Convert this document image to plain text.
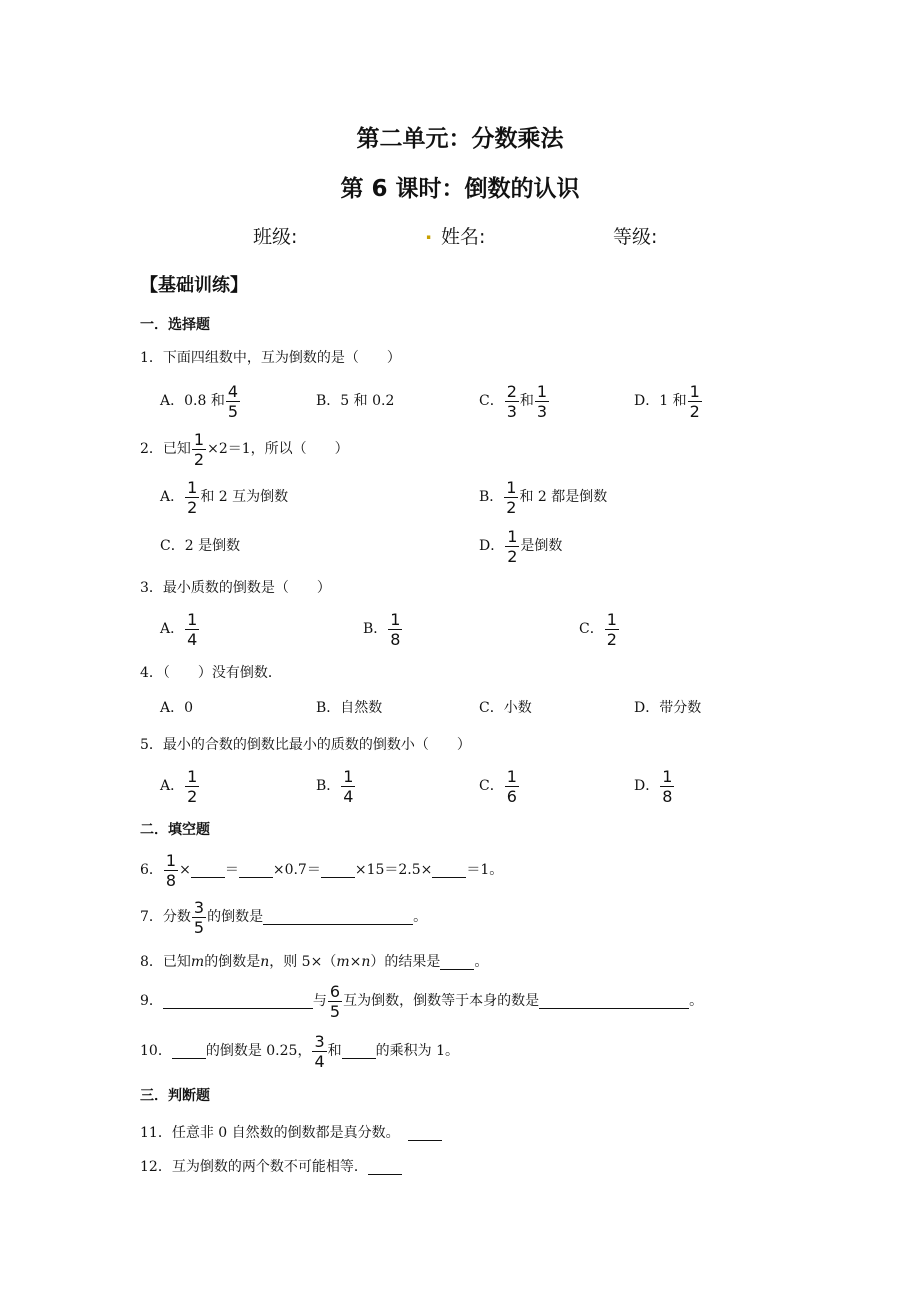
第二单元：分数乘法
第 6 课时：倒数的认识
班级:	. 姓名:	等级:
【基础训练】
一．选择题
1．下面四组数中，互为倒数的是（　　）
A．0.8 和 $\frac{4}{5}$	B．5 和 0.2	C． $\frac{2}{3}$ 和 $\frac{1}{3}$	D．1 和 $\frac{1}{2}$
2．已知 $\frac{1}{2} \times 2=1$，所以（　　）
A． $\frac{1}{2}$ 和 2 互为倒数	B． $\frac{1}{2}$ 和 2 都是倒数
C．2 是倒数	D． $\frac{1}{2}$ 是倒数
3．最小质数的倒数是（　　）
A． $\frac{1}{4}$	B． $\frac{1}{8}$	C． $\frac{1}{2}$
4．（　　）没有倒数．
A．0	B．自然数	C．小数	D．带分数
5．最小的合数的倒数比最小的质数的倒数小（　　）
A． $\frac{1}{2}$	B． $\frac{1}{4}$	C． $\frac{1}{6}$	D． $\frac{1}{8}$
二．填空题
6． $\frac{1}{8}$ × ＝ ×0.7＝ ×15＝2.5× ＝1。
7．分数 $\frac{3}{5}$ 的倒数是	。
8．已知 m 的倒数是 n ，则 5×（ m × n ）的结果是 。
9．	与 $\frac{6}{5}$ 互为倒数，倒数等于本身的数是	。
10． 的倒数是 0.25， $\frac{3}{4}$ 和 的乘积为 1。
三．判断题
11．任意非 0 自然数的倒数都是真分数。
12．互为倒数的两个数不可能相等．
